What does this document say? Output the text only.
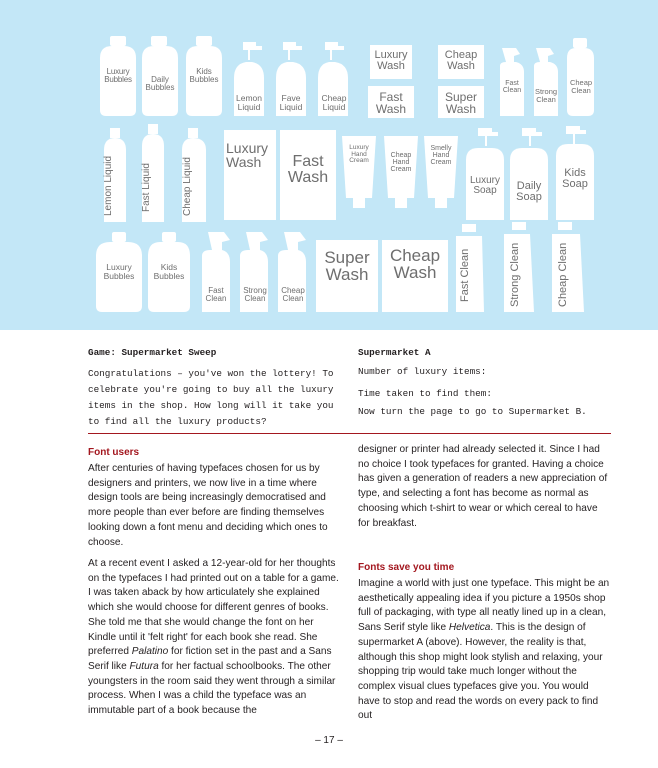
Luxury
Bubbles	Daily
Bubbles
Kids
Bubbles
Lemon
Liquid
Fave
Liquid
Cheap
Liquid
Luxury
Wash
Fast
Wash
Cheap
Wash
Super
Wash
Fast
Clean	Strong
Clean
Cheap
Clean
Lemon Liquid	Fast Liquid	Cheap Liquid
Luxury
Wash	Fast
Wash
Luxury
Hand
Cream
Cheap
Hand
Cream
Smelly
Hand
Cream
Luxury
Soap	Daily
Soap
Kids
Soap
Luxury
Bubbles
Kids
Bubbles
Fast
Clean
Strong
Clean
Cheap
Clean
Super
Wash
Cheap
Wash	Fast Clean	Strong Clean	Cheap Clean
Game: Supermarket Sweep
Congratulations – you've won the lottery! To celebrate you're going to buy all the luxury items in the shop. How long will it take you to find all the luxury products?
Supermarket A
Number of luxury items:
Time taken to find them:
Now turn the page to go to Supermarket B.
Font users
After centuries of having typefaces chosen for us by designers and printers, we now live in a time where design tools are being increasingly democratised and more people than ever before are finding themselves looking down a font menu and deciding which ones to choose.
At a recent event I asked a 12-year-old for her thoughts on the typefaces I had printed out on a table for a game. I was taken aback by how articulately she explained which she would choose for different genres of books. She told me that she would change the font on her Kindle until it 'felt right' for each book she read. She preferred Palatino for fiction set in the past and a Sans Serif like Futura for her factual schoolbooks. The other youngsters in the room said they went through a similar process. When I was a child the typeface was an immutable part of a book because the
designer or printer had already selected it. Since I had no choice I took typefaces for granted. Having a choice has given a generation of readers a new appreciation of type, and selecting a font has become as normal as choosing which t-shirt to wear or which cereal to have for breakfast.
Fonts save you time
Imagine a world with just one typeface. This might be an aesthetically appealing idea if you picture a 1950s shop full of packaging, with type all neatly lined up in a clean, Sans Serif style like Helvetica. This is the design of supermarket A (above). However, the reality is that, although this shop might look stylish and relaxing, your shopping trip would take much longer without the complex visual clues typefaces give you. You would have to stop and read the words on every pack to find out
– 17 –
